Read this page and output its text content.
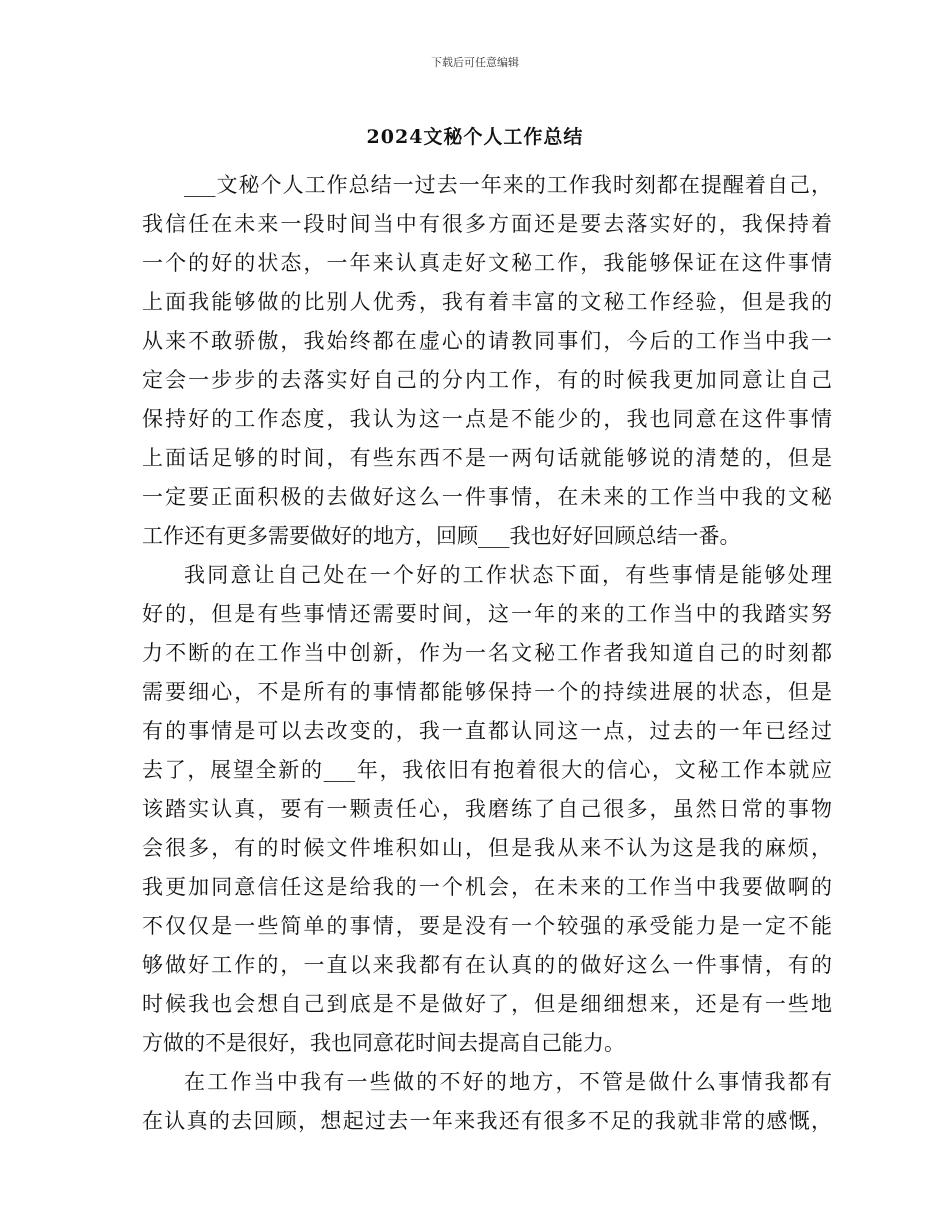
下载后可任意编辑
2024文秘个人工作总结
___文秘个人工作总结一过去一年来的工作我时刻都在提醒着自己，
我信任在未来一段时间当中有很多方面还是要去落实好的，我保持着
一个的好的状态，一年来认真走好文秘工作，我能够保证在这件事情
上面我能够做的比别人优秀，我有着丰富的文秘工作经验，但是我的
从来不敢骄傲，我始终都在虚心的请教同事们，今后的工作当中我一
定会一步步的去落实好自己的分内工作，有的时候我更加同意让自己
保持好的工作态度，我认为这一点是不能少的，我也同意在这件事情
上面话足够的时间，有些东西不是一两句话就能够说的清楚的，但是
一定要正面积极的去做好这么一件事情，在未来的工作当中我的文秘
工作还有更多需要做好的地方，回顾___我也好好回顾总结一番。
我同意让自己处在一个好的工作状态下面，有些事情是能够处理
好的，但是有些事情还需要时间，这一年的来的工作当中的我踏实努
力不断的在工作当中创新，作为一名文秘工作者我知道自己的时刻都
需要细心，不是所有的事情都能够保持一个的持续进展的状态，但是
有的事情是可以去改变的，我一直都认同这一点，过去的一年已经过
去了，展望全新的___年，我依旧有抱着很大的信心，文秘工作本就应
该踏实认真，要有一颗责任心，我磨练了自己很多，虽然日常的事物
会很多，有的时候文件堆积如山，但是我从来不认为这是我的麻烦，
我更加同意信任这是给我的一个机会，在未来的工作当中我要做啊的
不仅仅是一些简单的事情，要是没有一个较强的承受能力是一定不能
够做好工作的，一直以来我都有在认真的的做好这么一件事情，有的
时候我也会想自己到底是不是做好了，但是细细想来，还是有一些地
方做的不是很好，我也同意花时间去提高自己能力。
在工作当中我有一些做的不好的地方，不管是做什么事情我都有
在认真的去回顾，想起过去一年来我还有很多不足的我就非常的感慨，
